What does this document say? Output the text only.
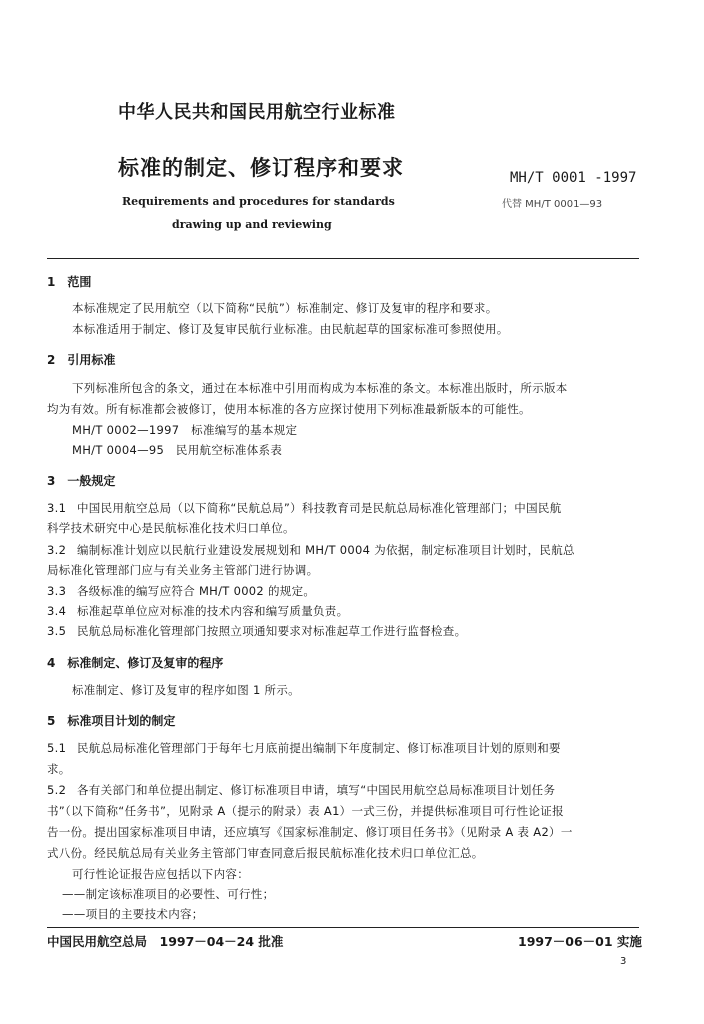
中华人民共和国民用航空行业标准
标准的制定、修订程序和要求	MH/T 0001 -1997
代替 MH/T 0001—93
Requirements and procedures for standards
drawing up and reviewing
1　范围
本标准规定了民用航空（以下简称“民航”）标准制定、修订及复审的程序和要求。
本标准适用于制定、修订及复审民航行业标准。由民航起草的国家标准可参照使用。
2　引用标准
下列标准所包含的条文，通过在本标准中引用而构成为本标准的条文。本标准出版时，所示版本
均为有效。所有标准都会被修订，使用本标准的各方应探讨使用下列标准最新版本的可能性。
MH/T 0002—1997　标准编写的基本规定
MH/T 0004—95　民用航空标准体系表
3　一般规定
3.1 中国民用航空总局（以下简称“民航总局”）科技教育司是民航总局标准化管理部门；中国民航
科学技术研究中心是民航标准化技术归口单位。
3.2 编制标准计划应以民航行业建设发展规划和 MH/T 0004 为依据，制定标准项目计划时，民航总
局标准化管理部门应与有关业务主管部门进行协调。
3.3 各级标准的编写应符合 MH/T 0002 的规定。
3.4 标准起草单位应对标准的技术内容和编写质量负责。
3.5 民航总局标准化管理部门按照立项通知要求对标准起草工作进行监督检查。
4　标准制定、修订及复审的程序
标准制定、修订及复审的程序如图 1 所示。
5　标准项目计划的制定
5.1 民航总局标准化管理部门于每年七月底前提出编制下年度制定、修订标准项目计划的原则和要
求。
5.2 各有关部门和单位提出制定、修订标准项目申请，填写“中国民用航空总局标准项目计划任务
书”（以下简称“任务书”，见附录 A（提示的附录）表 A1）一式三份，并提供标准项目可行性论证报
告一份。提出国家标准项目申请，还应填写《国家标准制定、修订项目任务书》（见附录 A 表 A2）一
式八份。经民航总局有关业务主管部门审查同意后报民航标准化技术归口单位汇总。
可行性论证报告应包括以下内容：
——制定该标准项目的必要性、可行性；
——项目的主要技术内容；
中国民用航空总局　1997－04－24 批准	1997－06－01 实施
3
